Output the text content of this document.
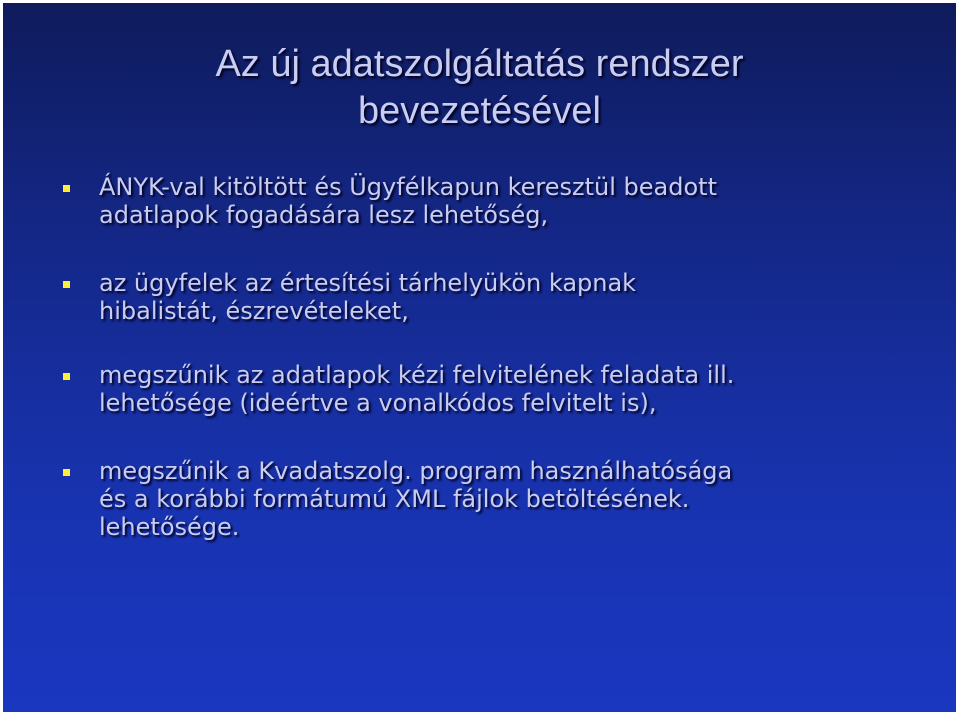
Az új adatszolgáltatás rendszer
bevezetésével
ÁNYK-val kitöltött és Ügyfélkapun keresztül beadott
adatlapok fogadására lesz lehetőség,
az ügyfelek az értesítési tárhelyükön kapnak
hibalistát, észrevételeket,
megszűnik az adatlapok kézi felvitelének feladata ill.
lehetősége (ideértve a vonalkódos felvitelt is),
megszűnik a Kvadatszolg. program használhatósága
és a korábbi formátumú XML fájlok betöltésének.
lehetősége.
